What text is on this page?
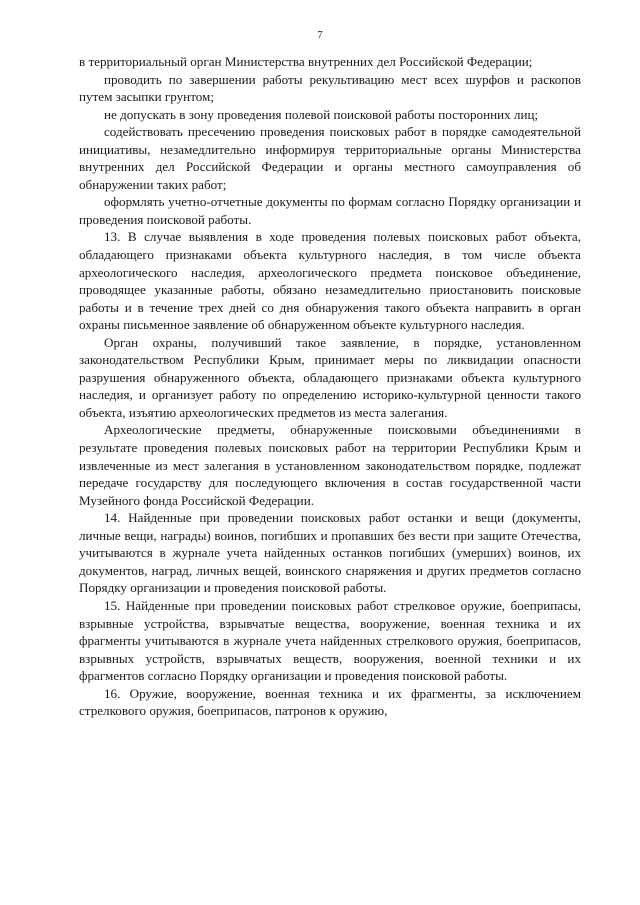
7

в территориальный орган Министерства внутренних дел Российской Федерации;

проводить по завершении работы рекультивацию мест всех шурфов и раскопов путем засыпки грунтом;

не допускать в зону проведения полевой поисковой работы посторонних лиц;

содействовать пресечению проведения поисковых работ в порядке самодеятельной инициативы, незамедлительно информируя территориальные органы Министерства внутренних дел Российской Федерации и органы местного самоуправления об обнаружении таких работ;

оформлять учетно-отчетные документы по формам согласно Порядку организации и проведения поисковой работы.

13. В случае выявления в ходе проведения полевых поисковых работ объекта, обладающего признаками объекта культурного наследия, в том числе объекта археологического наследия, археологического предмета поисковое объединение, проводящее указанные работы, обязано незамедлительно приостановить поисковые работы и в течение трех дней со дня обнаружения такого объекта направить в орган охраны письменное заявление об обнаруженном объекте культурного наследия.

Орган охраны, получивший такое заявление, в порядке, установленном законодательством Республики Крым, принимает меры по ликвидации опасности разрушения обнаруженного объекта, обладающего признаками объекта культурного наследия, и организует работу по определению историко-культурной ценности такого объекта, изъятию археологических предметов из места залегания.

Археологические предметы, обнаруженные поисковыми объединениями в результате проведения полевых поисковых работ на территории Республики Крым и извлеченные из мест залегания в установленном законодательством порядке, подлежат передаче государству для последующего включения в состав государственной части Музейного фонда Российской Федерации.

14. Найденные при проведении поисковых работ останки и вещи (документы, личные вещи, награды) воинов, погибших и пропавших без вести при защите Отечества, учитываются в журнале учета найденных останков погибших (умерших) воинов, их документов, наград, личных вещей, воинского снаряжения и других предметов согласно Порядку организации и проведения поисковой работы.

15. Найденные при проведении поисковых работ стрелковое оружие, боеприпасы, взрывные устройства, взрывчатые вещества, вооружение, военная техника и их фрагменты учитываются в журнале учета найденных стрелкового оружия, боеприпасов, взрывных устройств, взрывчатых веществ, вооружения, военной техники и их фрагментов согласно Порядку организации и проведения поисковой работы.

16. Оружие, вооружение, военная техника и их фрагменты, за исключением стрелкового оружия, боеприпасов, патронов к оружию,
